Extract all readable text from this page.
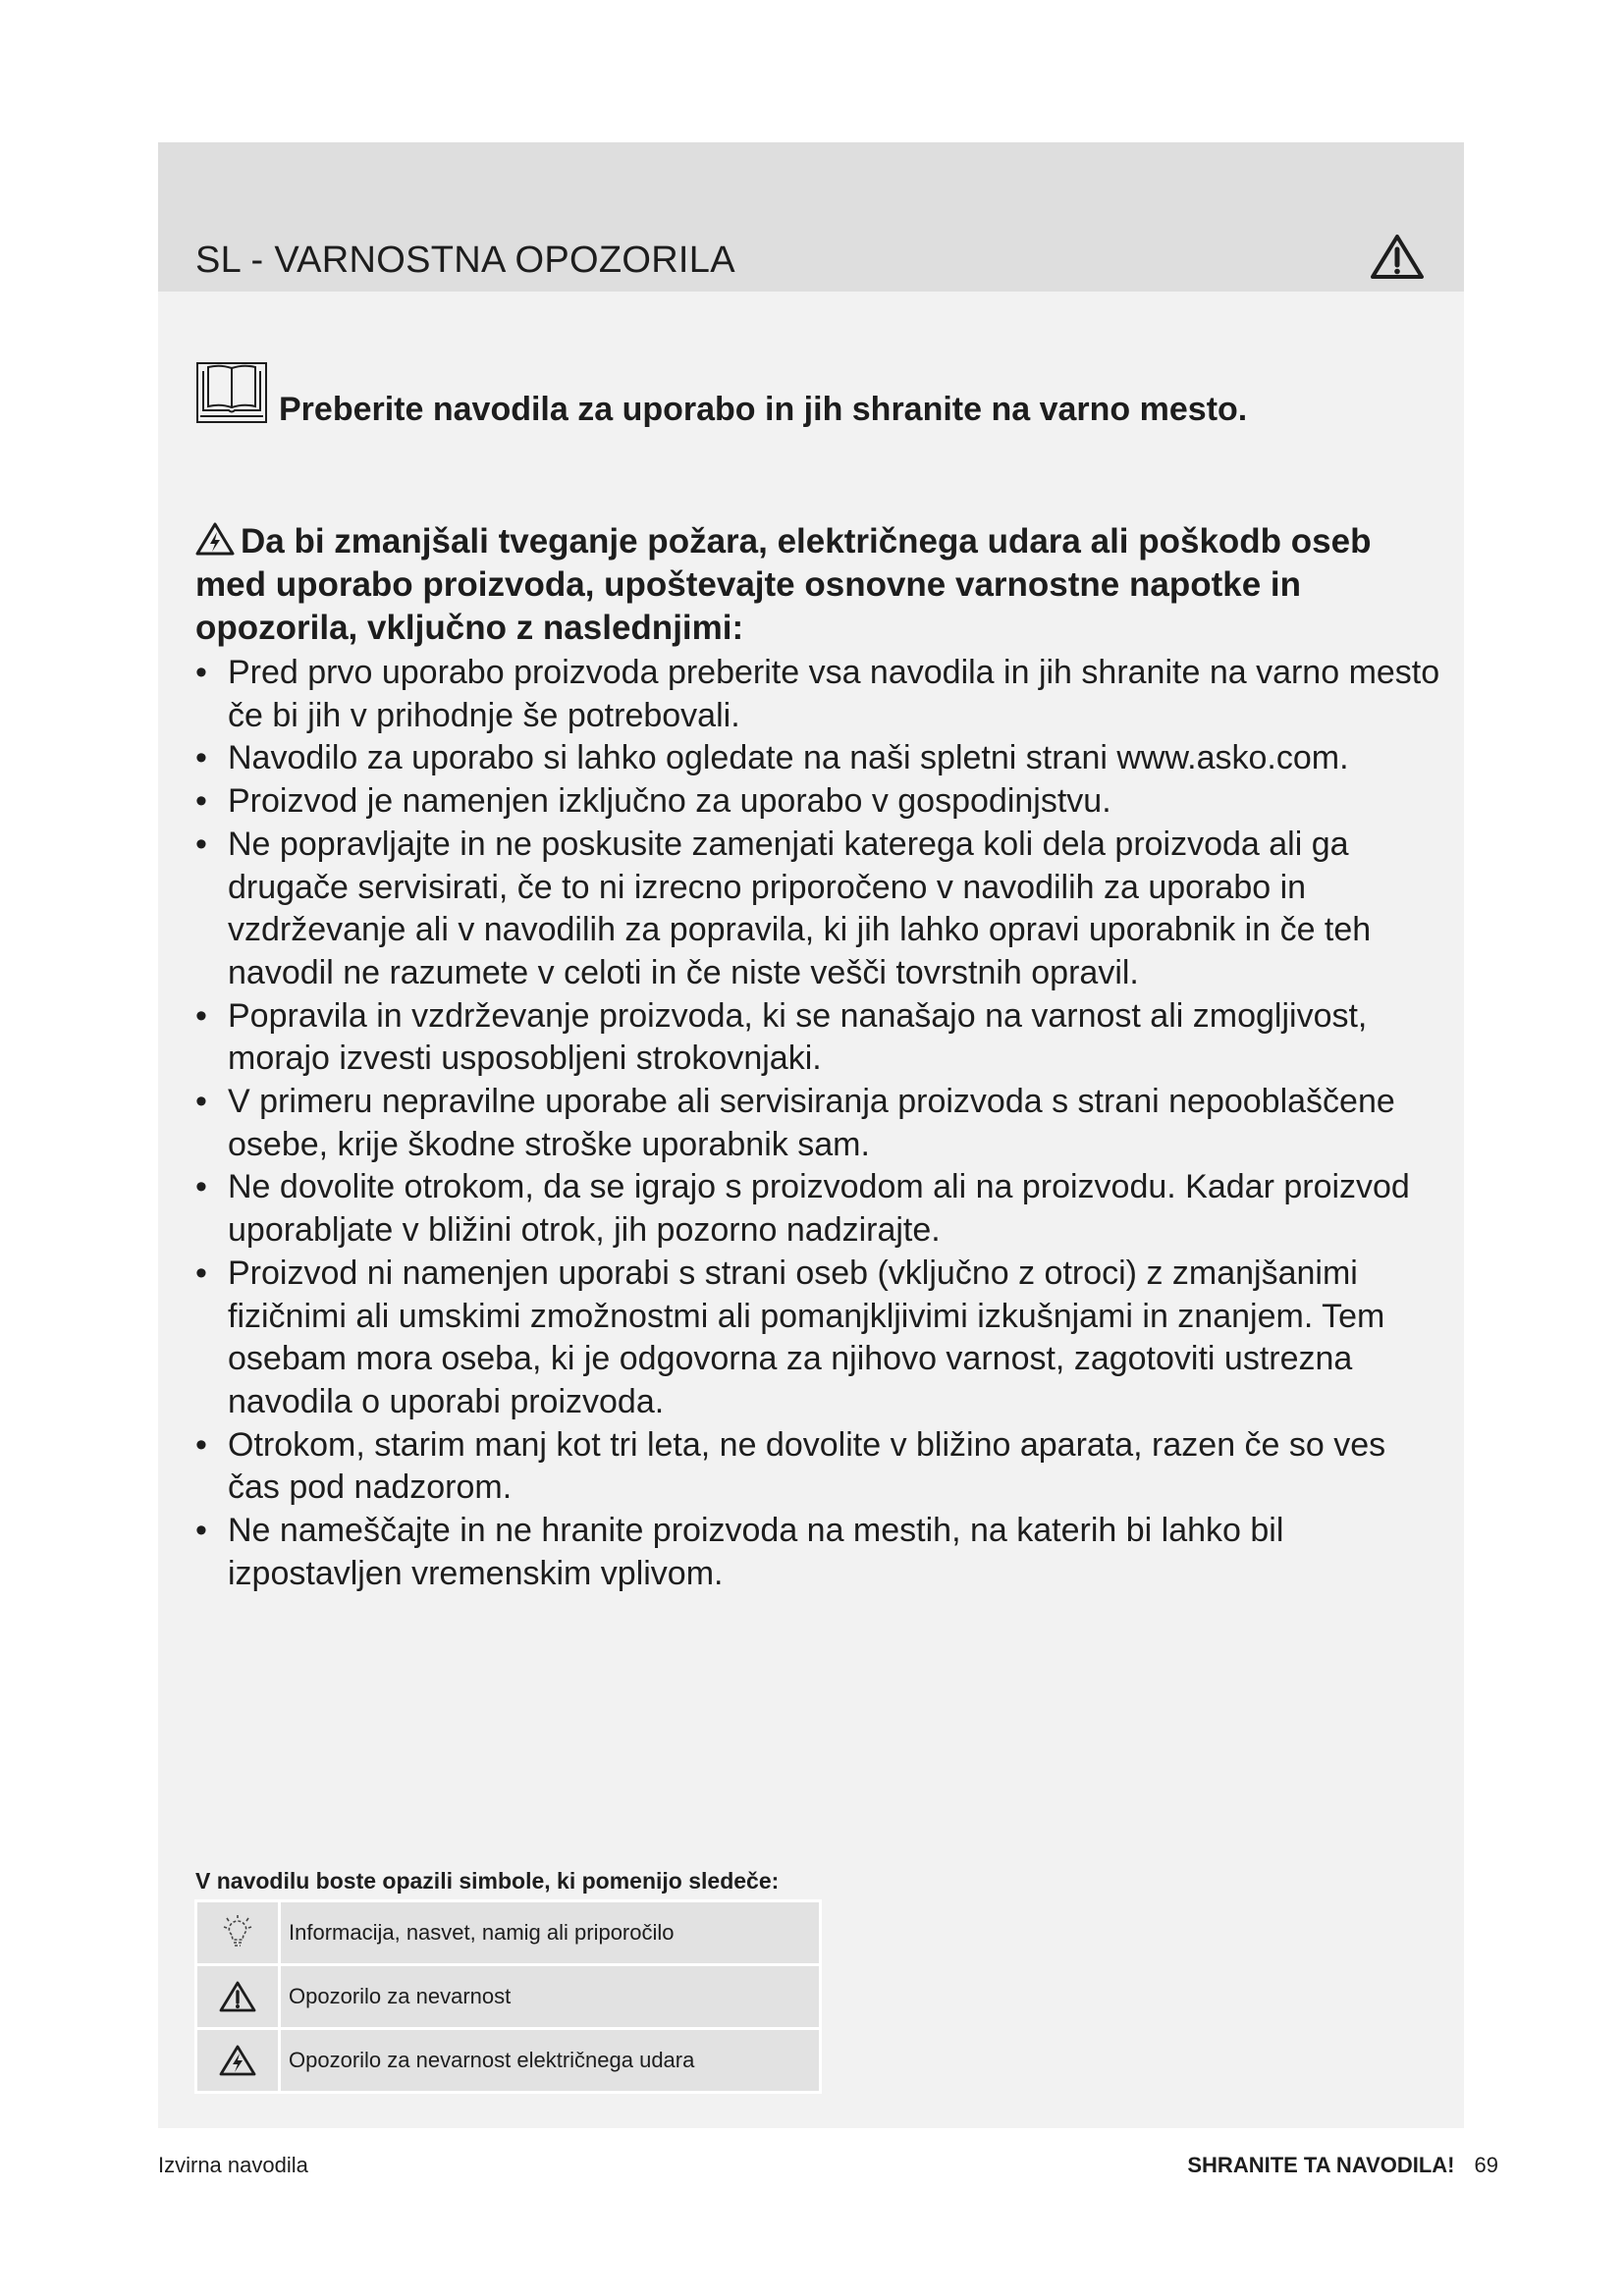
SL - VARNOSTNA OPOZORILA

Preberite navodila za uporabo in jih shranite na varno mesto.

Da bi zmanjšali tveganje požara, električnega udara ali poškodb oseb med uporabo proizvoda, upoštevajte osnovne varnostne napotke in opozorila, vključno z naslednjimi:

• Pred prvo uporabo proizvoda preberite vsa navodila in jih shranite na varno mesto če bi jih v prihodnje še potrebovali.
• Navodilo za uporabo si lahko ogledate na naši spletni strani www.asko.com.
• Proizvod je namenjen izključno za uporabo v gospodinjstvu.
• Ne popravljajte in ne poskusite zamenjati katerega koli dela proizvoda ali ga drugače servisirati, če to ni izrecno priporočeno v navodilih za uporabo in vzdrževanje ali v navodilih za popravila, ki jih lahko opravi uporabnik in če teh navodil ne razumete v celoti in če niste vešči tovrstnih opravil.
• Popravila in vzdrževanje proizvoda, ki se nanašajo na varnost ali zmogljivost, morajo izvesti usposobljeni strokovnjaki.
• V primeru nepravilne uporabe ali servisiranja proizvoda s strani nepooblaščene osebe, krije škodne stroške uporabnik sam.
• Ne dovolite otrokom, da se igrajo s proizvodom ali na proizvodu. Kadar proizvod uporabljate v bližini otrok, jih pozorno nadzirajte.
• Proizvod ni namenjen uporabi s strani oseb (vključno z otroci) z zmanjšanimi fizičnimi ali umskimi zmožnostmi ali pomanjkljivimi izkušnjami in znanjem. Tem osebam mora oseba, ki je odgovorna za njihovo varnost, zagotoviti ustrezna navodila o uporabi proizvoda.
• Otrokom, starim manj kot tri leta, ne dovolite v bližino aparata, razen če so ves čas pod nadzorom.
• Ne nameščajte in ne hranite proizvoda na mestih, na katerih bi lahko bil izpostavljen vremenskim vplivom.

V navodilu boste opazili simbole, ki pomenijo sledeče:

	Informacija, nasvet, namig ali priporočilo
	Opozorilo za nevarnost
	Opozorilo za nevarnost električnega udara
Izvirna navodila	SHRANITE TA NAVODILA! 69
